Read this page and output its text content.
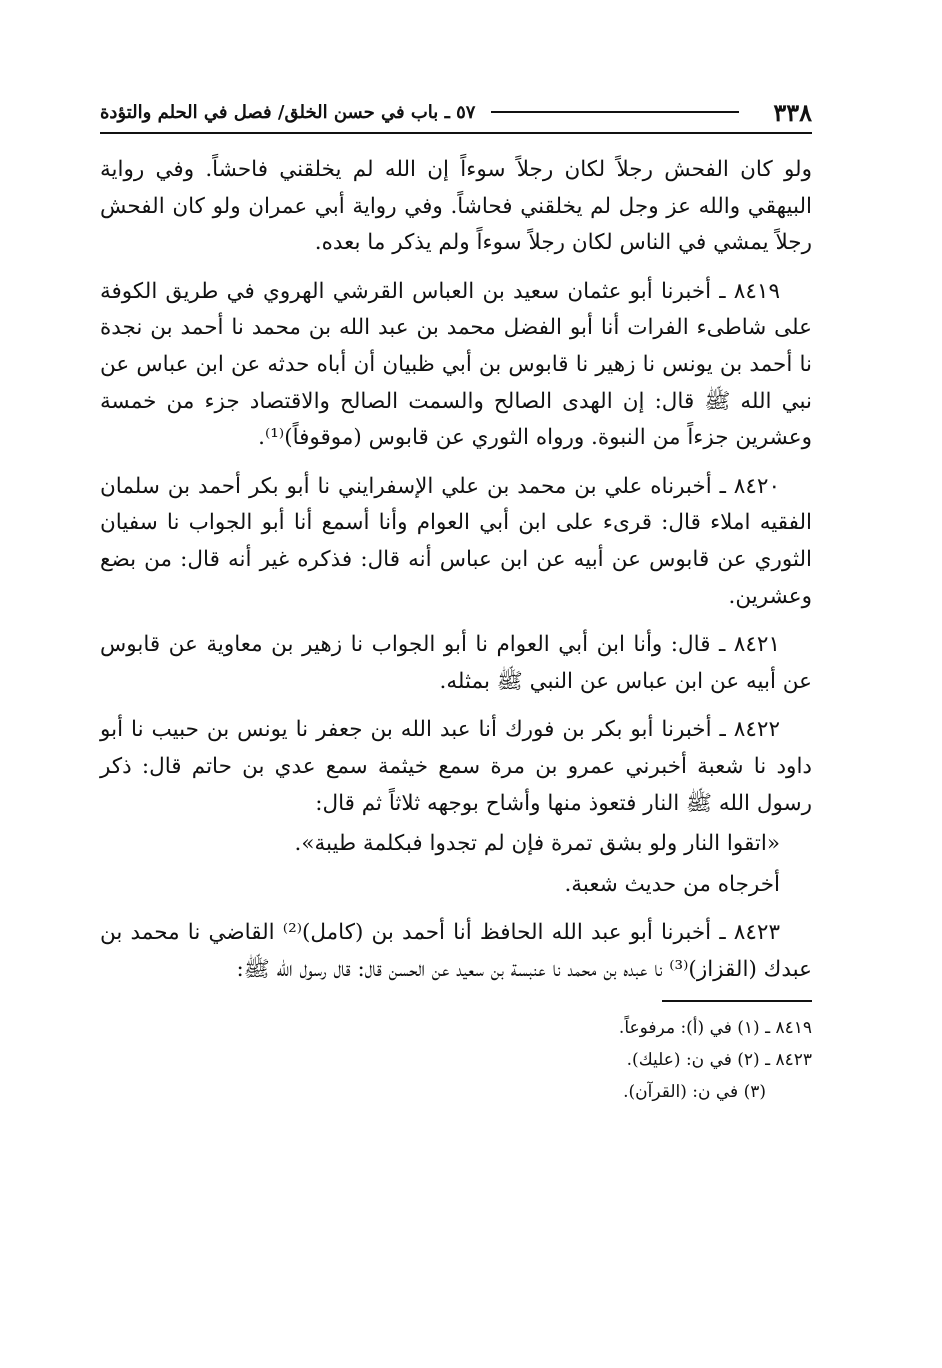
٣٣٨
٥٧ ـ باب في حسن الخلق/ فصل في الحلم والتؤدة

ولو كان الفحش رجلاً لكان رجلاً سوءاً إن الله لم يخلقني فاحشاً. وفي رواية البيهقي والله عز وجل لم يخلقني فحاشاً. وفي رواية أبي عمران ولو كان الفحش رجلاً يمشي في الناس لكان رجلاً سوءاً ولم يذكر ما بعده.

٨٤١٩ ـ أخبرنا أبو عثمان سعيد بن العباس القرشي الهروي في طريق الكوفة على شاطىء الفرات أنا أبو الفضل محمد بن عبد الله بن محمد نا أحمد بن نجدة نا أحمد بن يونس نا زهير نا قابوس بن أبي ظبيان أن أباه حدثه عن ابن عباس عن نبي الله ﷺ قال: إن الهدى الصالح والسمت الصالح والاقتصاد جزء من خمسة وعشرين جزءاً من النبوة. ورواه الثوري عن قابوس (موقوفاً)⁽¹⁾.

٨٤٢٠ ـ أخبرناه علي بن محمد بن علي الإسفرايني نا أبو بكر أحمد بن سلمان الفقيه املاء قال: قرىء على ابن أبي العوام وأنا أسمع أنا أبو الجواب نا سفيان الثوري عن قابوس عن أبيه عن ابن عباس أنه قال: فذكره غير أنه قال: من بضع وعشرين.

٨٤٢١ ـ قال: وأنا ابن أبي العوام نا أبو الجواب نا زهير بن معاوية عن قابوس عن أبيه عن ابن عباس عن النبي ﷺ بمثله.

٨٤٢٢ ـ أخبرنا أبو بكر بن فورك أنا عبد الله بن جعفر نا يونس بن حبيب نا أبو داود نا شعبة أخبرني عمرو بن مرة سمع خيثمة سمع عدي بن حاتم قال: ذكر رسول الله ﷺ النار فتعوذ منها وأشاح بوجهه ثلاثاً ثم قال:

«اتقوا النار ولو بشق تمرة فإن لم تجدوا فبكلمة طيبة».

أخرجاه من حديث شعبة.

٨٤٢٣ ـ أخبرنا أبو عبد الله الحافظ أنا أحمد بن (كامل)⁽²⁾ القاضي نا محمد بن عبدك (القزاز)⁽³⁾ نا عبده بن محمد نا عنبسة بن سعيد عن الحسن قال: قال رسول الله ﷺ:

٨٤١٩ ـ (١) في (أ): مرفوعاً.

٨٤٢٣ ـ (٢) في ن: (عليك).

(٣) في ن: (القرآن).
